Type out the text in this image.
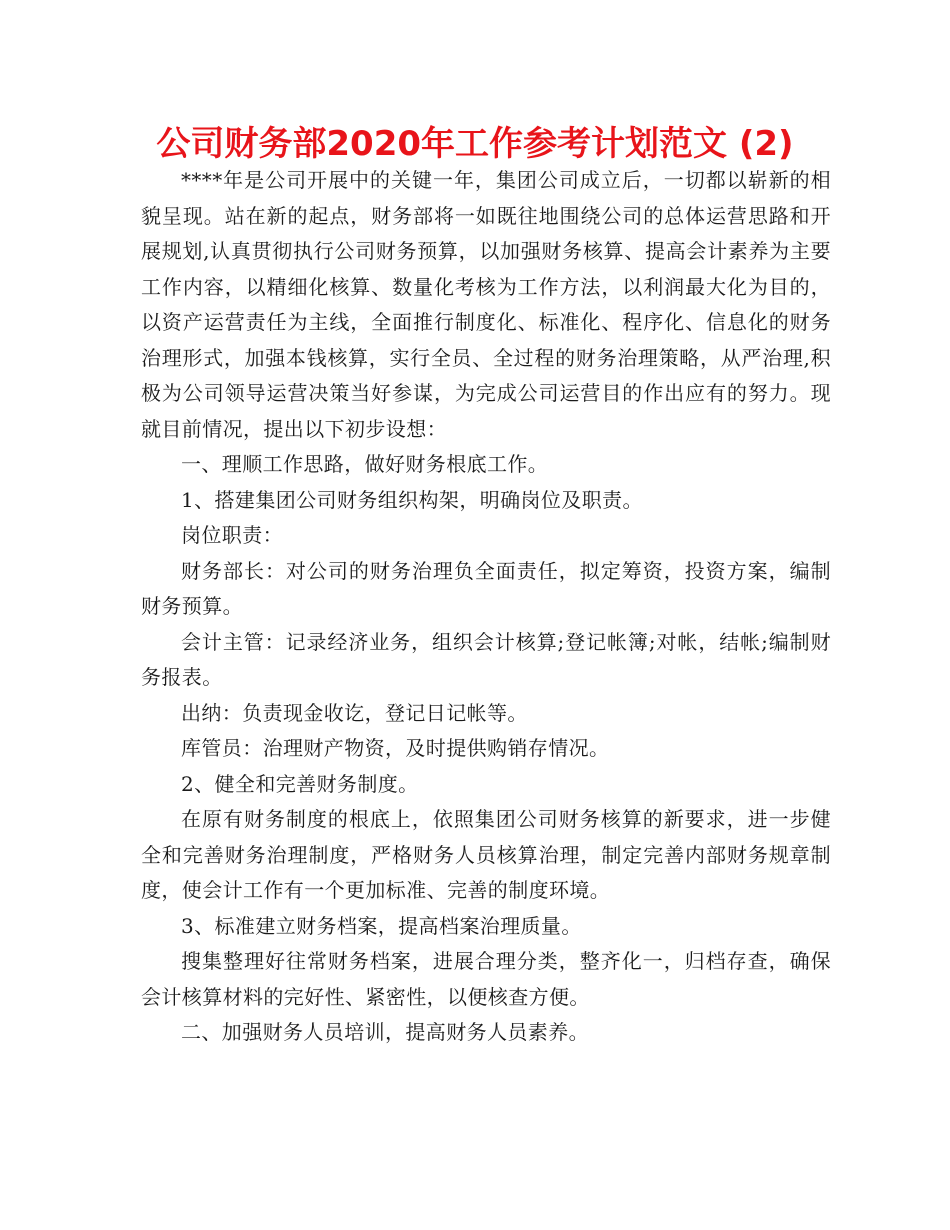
公司财务部2020年工作参考计划范文 (2)

****年是公司开展中的关键一年，集团公司成立后，一切都以崭新的相貌呈现。站在新的起点，财务部将一如既往地围绕公司的总体运营思路和开展规划,认真贯彻执行公司财务预算，以加强财务核算、提高会计素养为主要工作内容，以精细化核算、数量化考核为工作方法，以利润最大化为目的，以资产运营责任为主线，全面推行制度化、标准化、程序化、信息化的财务治理形式，加强本钱核算，实行全员、全过程的财务治理策略，从严治理,积极为公司领导运营决策当好参谋，为完成公司运营目的作出应有的努力。现就目前情况，提出以下初步设想：

一、理顺工作思路，做好财务根底工作。

1、搭建集团公司财务组织构架，明确岗位及职责。

岗位职责：

财务部长：对公司的财务治理负全面责任，拟定筹资，投资方案，编制财务预算。

会计主管：记录经济业务，组织会计核算;登记帐簿;对帐，结帐;编制财务报表。

出纳：负责现金收讫，登记日记帐等。

库管员：治理财产物资，及时提供购销存情况。

2、健全和完善财务制度。

在原有财务制度的根底上，依照集团公司财务核算的新要求，进一步健全和完善财务治理制度，严格财务人员核算治理，制定完善内部财务规章制度，使会计工作有一个更加标准、完善的制度环境。

3、标准建立财务档案，提高档案治理质量。

搜集整理好往常财务档案，进展合理分类，整齐化一，归档存查，确保会计核算材料的完好性、紧密性，以便核查方便。

二、加强财务人员培训，提高财务人员素养。
